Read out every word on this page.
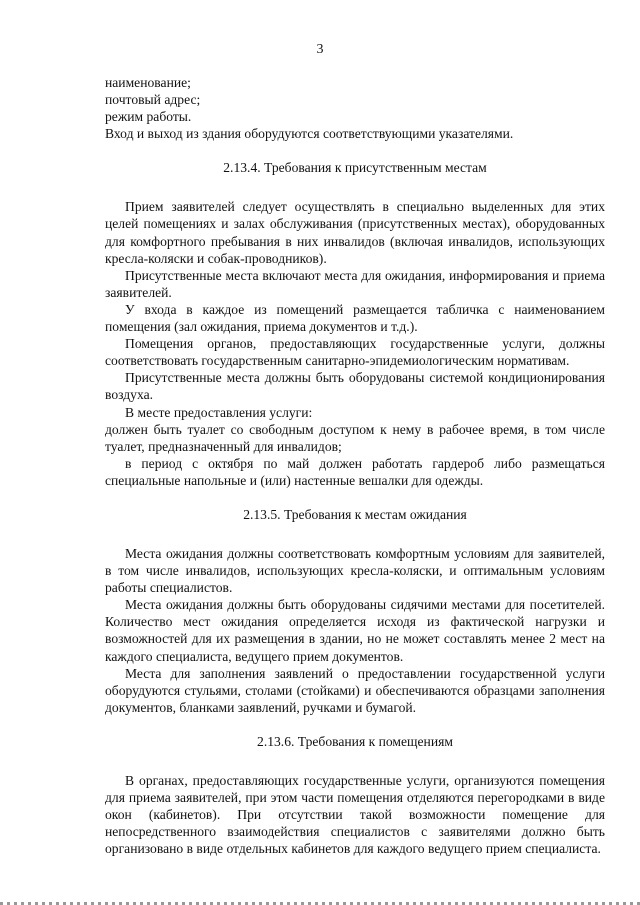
3

наименование;

почтовый адрес;

режим работы.

Вход и выход из здания оборудуются соответствующими указателями.

2.13.4. Требования к присутственным местам

Прием заявителей следует осуществлять в специально выделенных для этих целей помещениях и залах обслуживания (присутственных местах), оборудованных для комфортного пребывания в них инвалидов (включая инвалидов, использующих кресла-коляски и собак-проводников).

Присутственные места включают места для ожидания, информирования и приема заявителей.

У входа в каждое из помещений размещается табличка с наименованием помещения (зал ожидания, приема документов и т.д.).

Помещения органов, предоставляющих государственные услуги, должны соответствовать государственным санитарно-эпидемиологическим нормативам.

Присутственные места должны быть оборудованы системой кондиционирования воздуха.

В месте предоставления услуги:

должен быть туалет со свободным доступом к нему в рабочее время, в том числе туалет, предназначенный для инвалидов;

в период с октября по май должен работать гардероб либо размещаться специальные напольные и (или) настенные вешалки для одежды.

2.13.5. Требования к местам ожидания

Места ожидания должны соответствовать комфортным условиям для заявителей, в том числе инвалидов, использующих кресла-коляски, и оптимальным условиям работы специалистов.

Места ожидания должны быть оборудованы сидячими местами для посетителей. Количество мест ожидания определяется исходя из фактической нагрузки и возможностей для их размещения в здании, но не может составлять менее 2 мест на каждого специалиста, ведущего прием документов.

Места для заполнения заявлений о предоставлении государственной услуги оборудуются стульями, столами (стойками) и обеспечиваются образцами заполнения документов, бланками заявлений, ручками и бумагой.

2.13.6. Требования к помещениям

В органах, предоставляющих государственные услуги, организуются помещения для приема заявителей, при этом части помещения отделяются перегородками в виде окон (кабинетов). При отсутствии такой возможности помещение для непосредственного взаимодействия специалистов с заявителями должно быть организовано в виде отдельных кабинетов для каждого ведущего прием специалиста.
